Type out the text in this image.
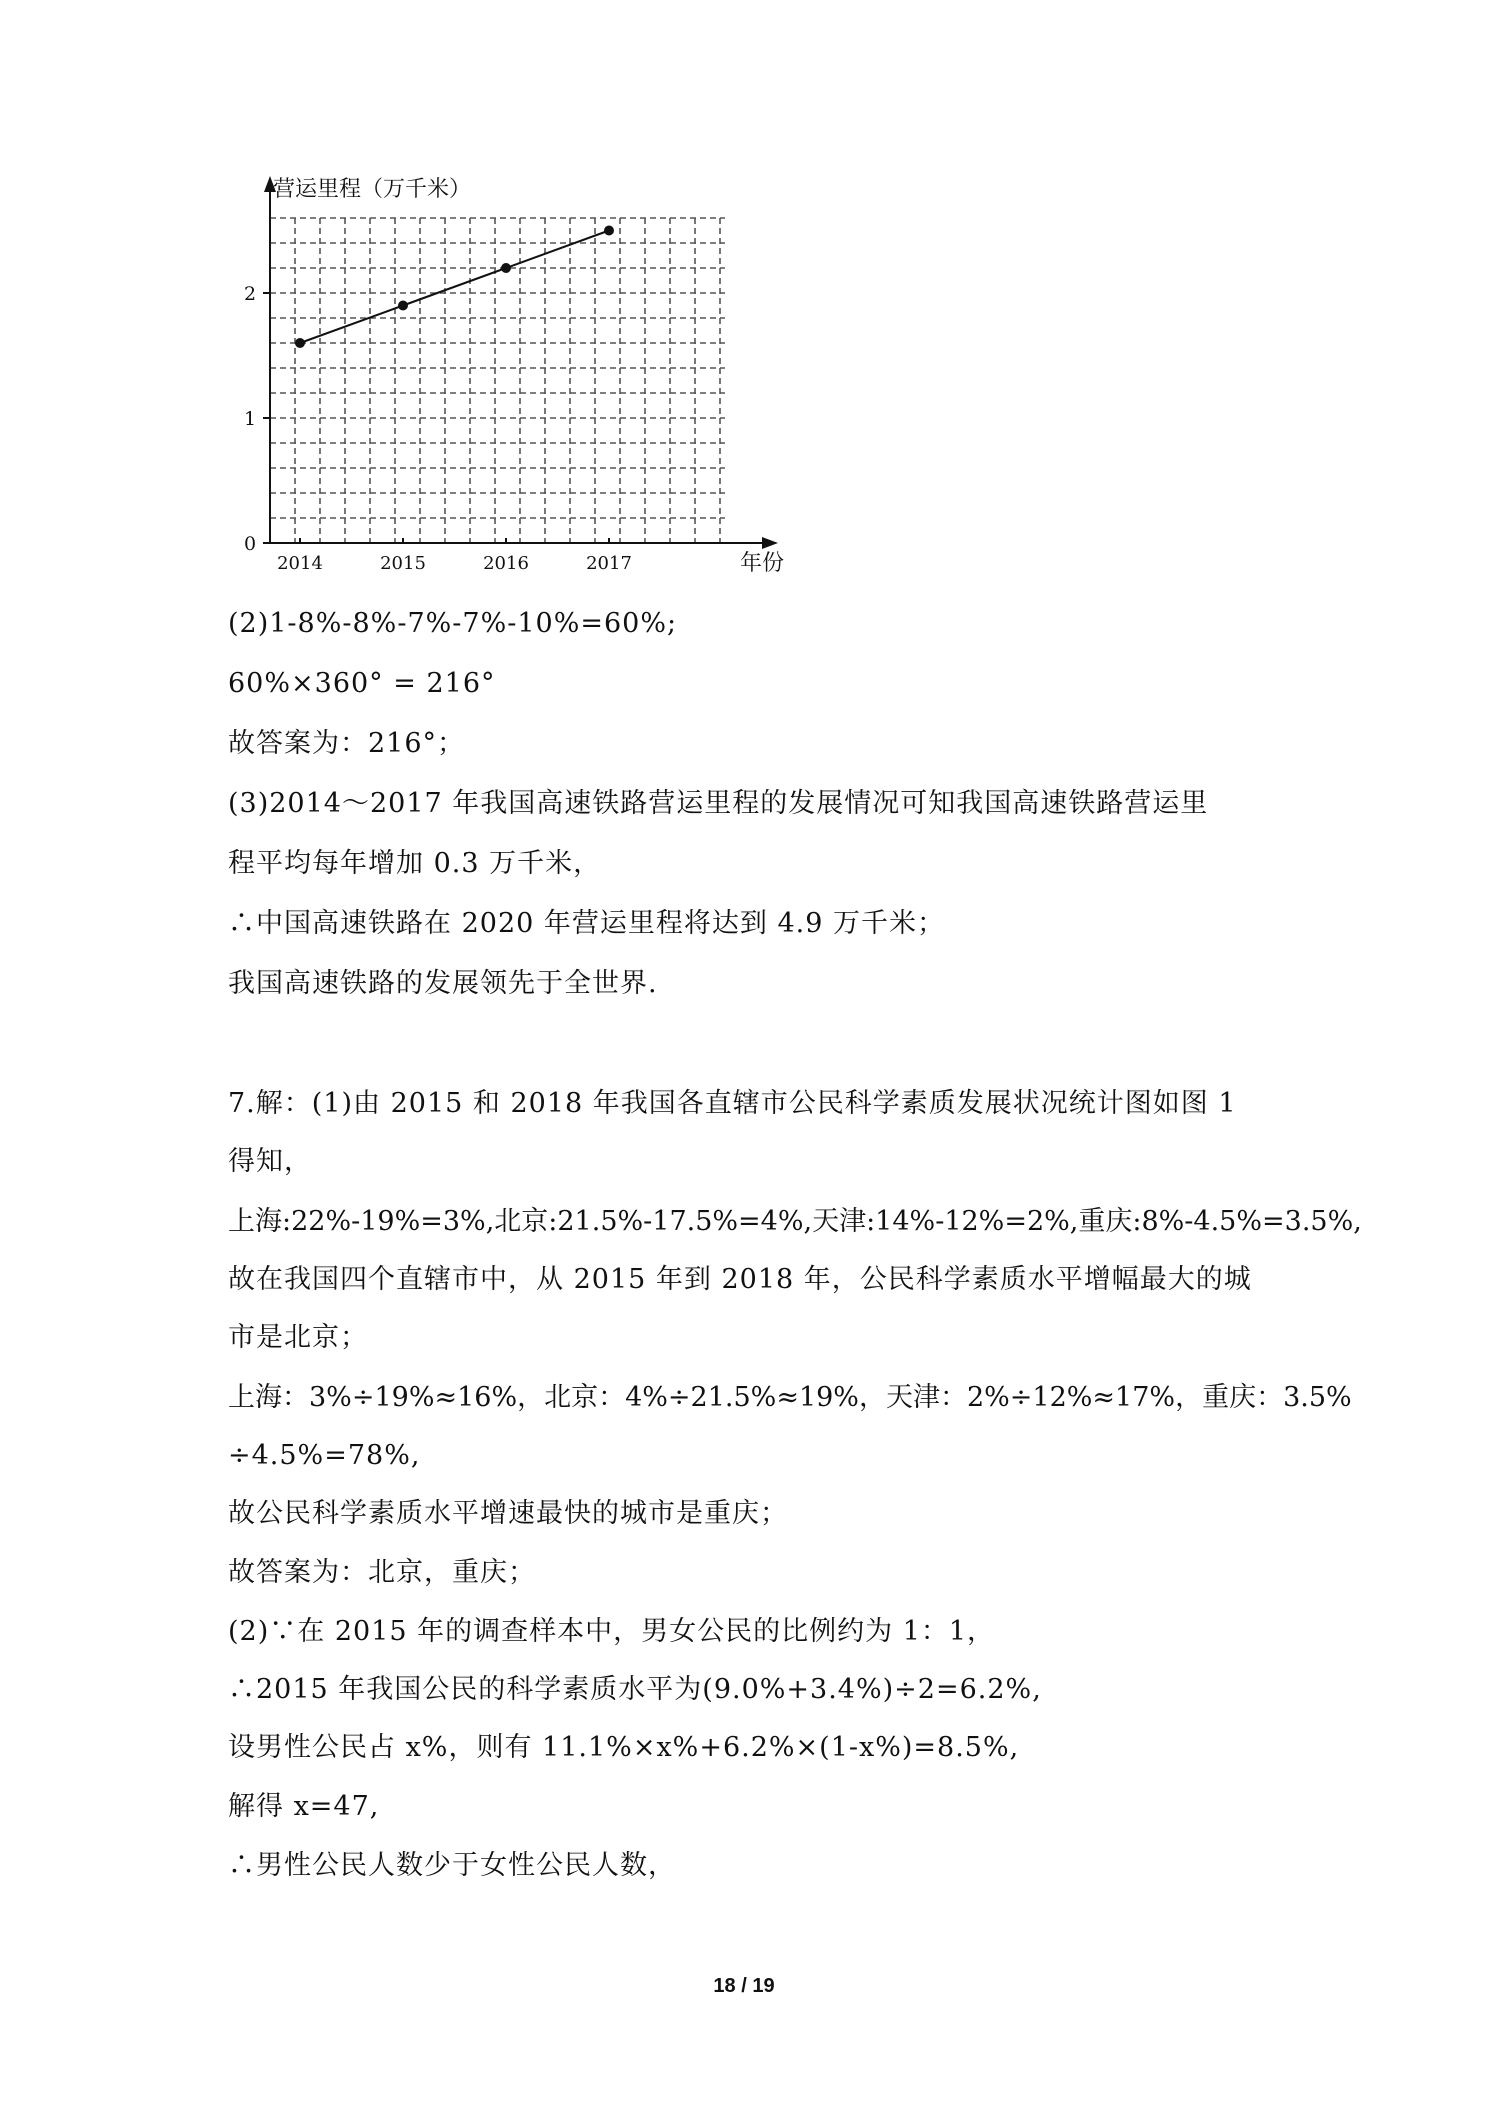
营运里程（万千米）
年份
0
1
2
2014	2015	2016	2017
(2)1-8%-8%-7%-7%-10%=60%;
60%×360° = 216°
故答案为：216°；
(3)2014～2017 年我国高速铁路营运里程的发展情况可知我国高速铁路营运里
程平均每年增加 0.3 万千米，
∴中国高速铁路在 2020 年营运里程将达到 4.9 万千米；
我国高速铁路的发展领先于全世界.
7.解：(1)由 2015 和 2018 年我国各直辖市公民科学素质发展状况统计图如图 1
得知，
上海:22%-19%=3%,北京:21.5%-17.5%=4%,天津:14%-12%=2%,重庆:8%-4.5%=3.5%,
故在我国四个直辖市中，从 2015 年到 2018 年，公民科学素质水平增幅最大的城
市是北京；
上海：3%÷19%≈16%，北京：4%÷21.5%≈19%，天津：2%÷12%≈17%，重庆：3.5%
÷4.5%=78%,
故公民科学素质水平增速最快的城市是重庆；
故答案为：北京，重庆；
(2)∵在 2015 年的调查样本中，男女公民的比例约为 1：1，
∴2015 年我国公民的科学素质水平为(9.0%+3.4%)÷2=6.2%,
设男性公民占 x%，则有 11.1%×x%+6.2%×(1-x%)=8.5%,
解得 x=47,
∴男性公民人数少于女性公民人数，
18 / 19
